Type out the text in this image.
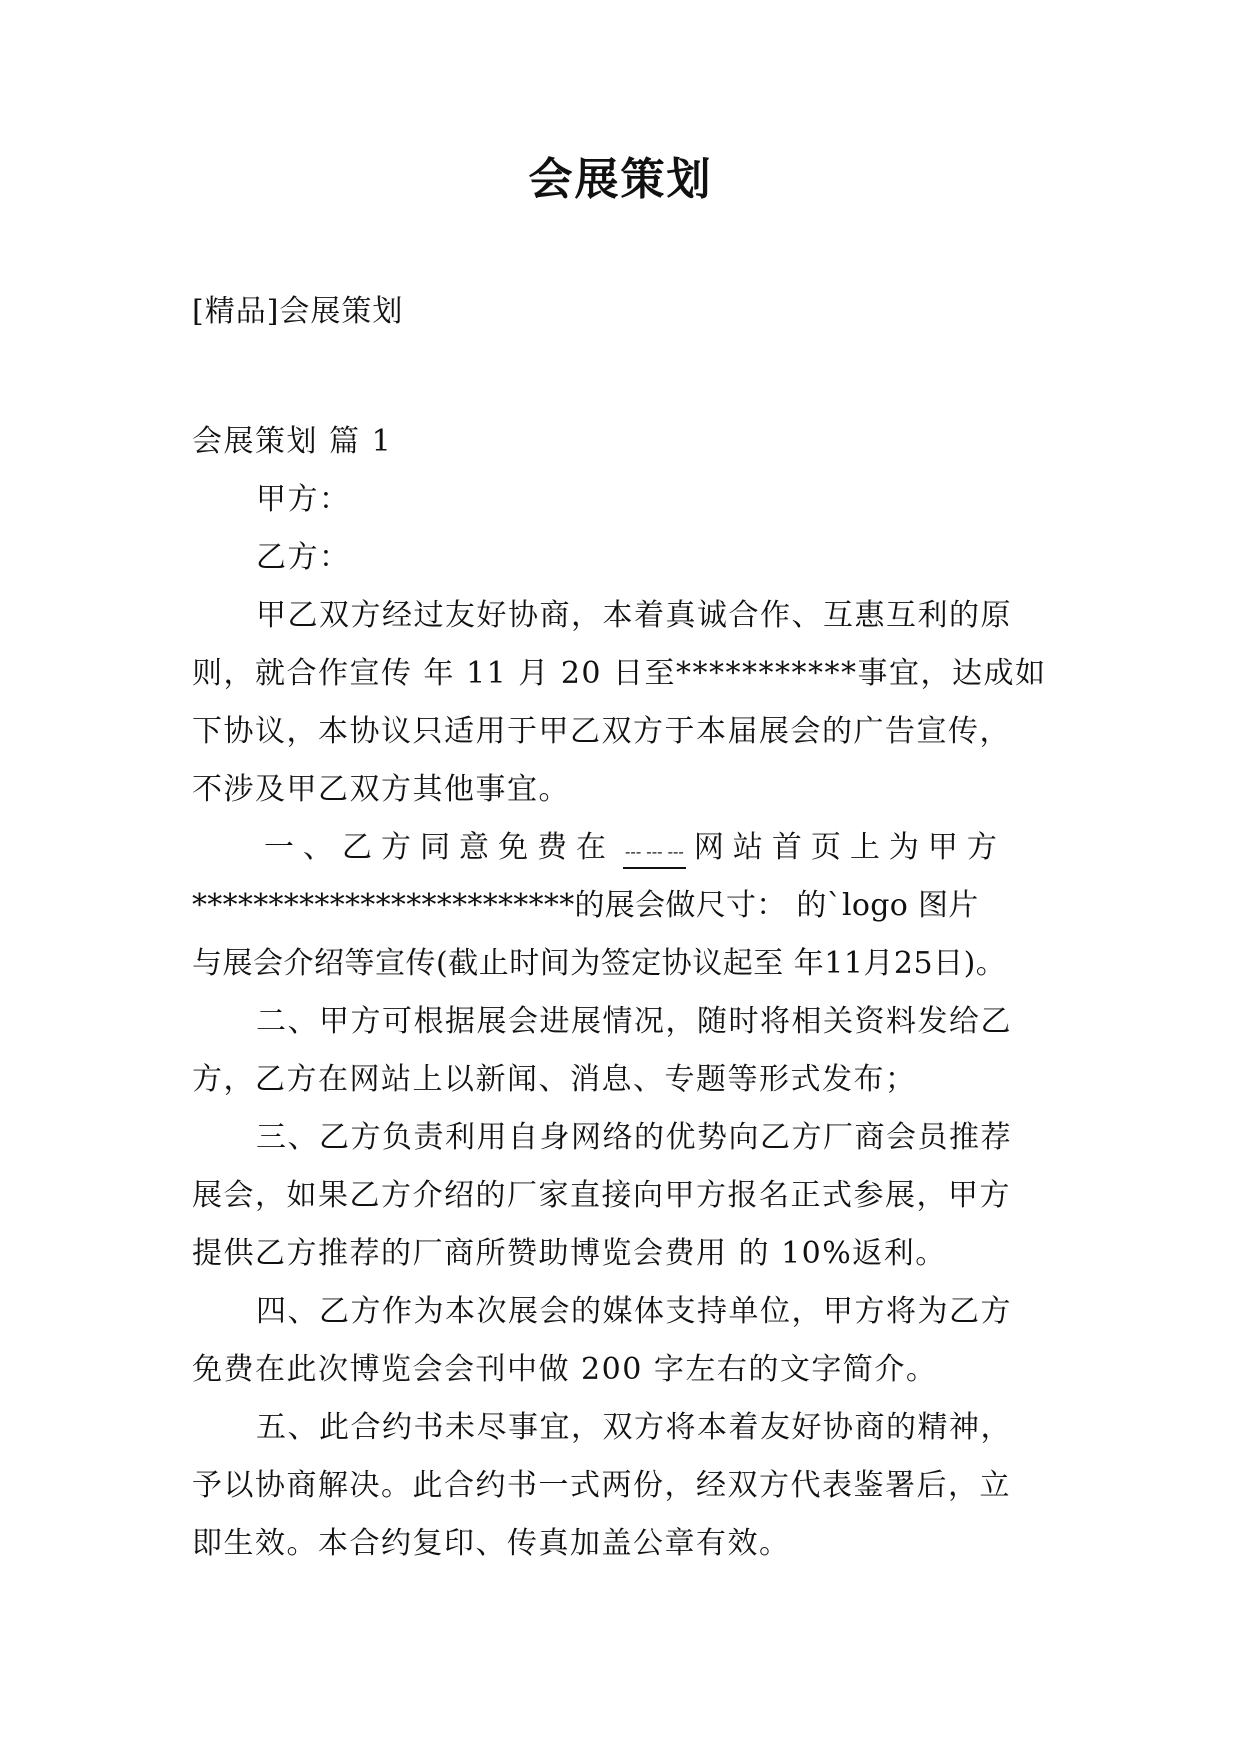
会展策划
[精品]会展策划
会展策划 篇 1
甲方：
乙方：
甲乙双方经过友好协商，本着真诚合作、互惠互利的原
则，就合作宣传 年 11 月 20 日至***********事宜，达成如
下协议，本协议只适用于甲乙双方于本届展会的广告宣传，
不涉及甲乙双方其他事宜。
一、乙方同意免费在 --- --- --- 网站首页上为甲方
*************************的展会做尺寸： 的`logo 图片
与展会介绍等宣传(截止时间为签定协议起至 年11月25日)。
二、甲方可根据展会进展情况，随时将相关资料发给乙
方，乙方在网站上以新闻、消息、专题等形式发布；
三、乙方负责利用自身网络的优势向乙方厂商会员推荐
展会，如果乙方介绍的厂家直接向甲方报名正式参展，甲方
提供乙方推荐的厂商所赞助博览会费用 的 10%返利。
四、乙方作为本次展会的媒体支持单位，甲方将为乙方
免费在此次博览会会刊中做 200 字左右的文字简介。
五、此合约书未尽事宜，双方将本着友好协商的精神，
予以协商解决。此合约书一式两份，经双方代表鉴署后，立
即生效。本合约复印、传真加盖公章有效。
